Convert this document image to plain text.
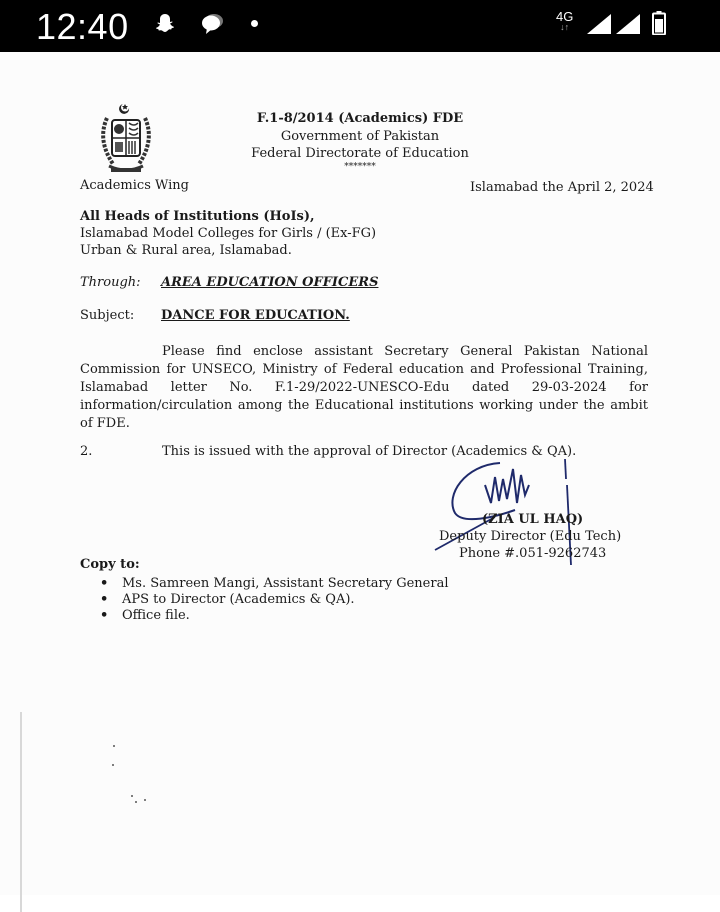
12:40	4G
↓↑
F.1-8/2014 (Academics) FDE
Government of Pakistan
Federal Directorate of Education
*******
Academics Wing	Islamabad the April 2, 2024
All Heads of Institutions (HoIs),
Islamabad Model Colleges for Girls / (Ex-FG)
Urban & Rural area, Islamabad.
Through: AREA EDUCATION OFFICERS
Subject: DANCE FOR EDUCATION.
Please find enclose assistant Secretary General Pakistan National Commission for UNSECO, Ministry of Federal education and Professional Training, Islamabad letter No. F.1-29/2022-UNESCO-Edu dated 29-03-2024 for information/circulation among the Educational institutions working under the ambit of FDE.
2.	This is issued with the approval of Director (Academics & QA).
(ZIA UL HAQ)
Deputy Director (Edu Tech)
Phone #.051-9262743
Copy to:
• Ms. Samreen Mangi, Assistant Secretary General
• APS to Director (Academics & QA).
• Office file.
